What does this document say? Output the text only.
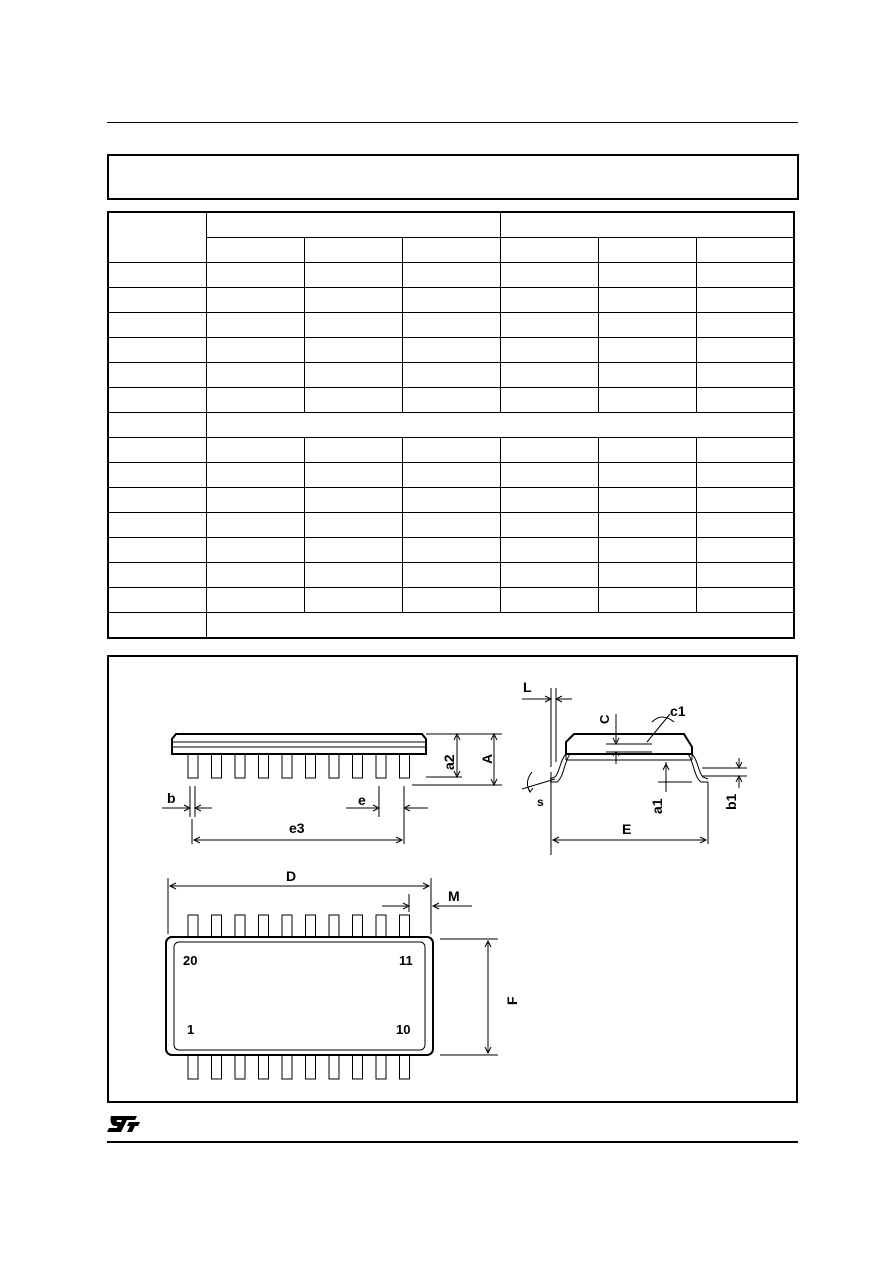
L
C
c1
a2 A
a1	b1
b	e
e3
s
E
D
M
F
20	11
1	10
